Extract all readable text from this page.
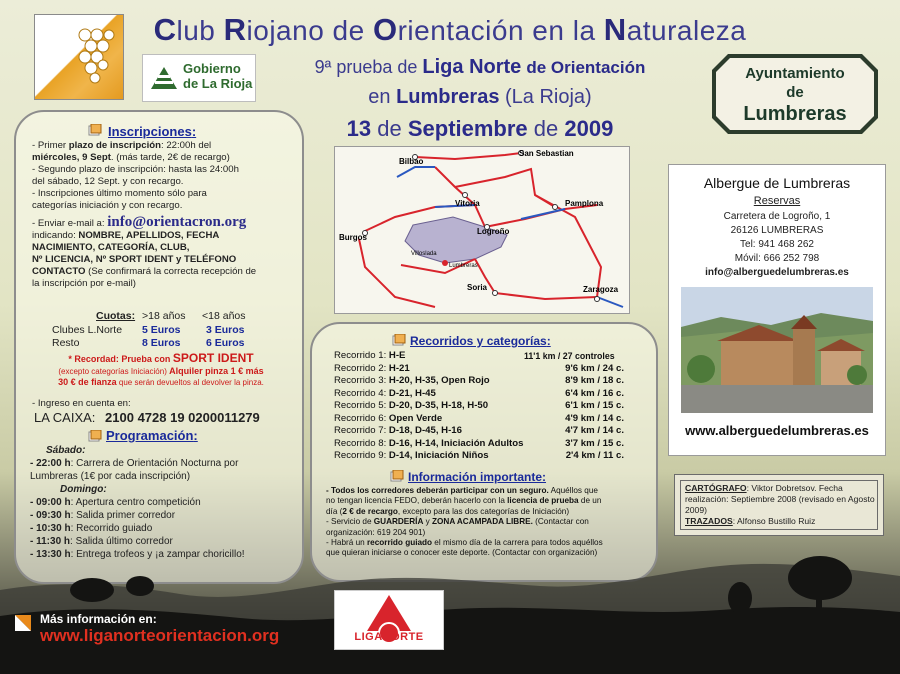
Gobierno de La Rioja
Club Riojano de Orientación en la Naturaleza
9ª prueba de Liga Norte de Orientación
en Lumbreras (La Rioja)
13 de Septiembre de 2009
Ayuntamiento
de
Lumbreras
Inscripciones:
- Primer plazo de inscripción: 22:00h del
miércoles, 9 Sept. (más tarde, 2€ de recargo)
- Segundo plazo de inscripción: hasta las 24:00h
del sábado, 12 Sept. y con recargo.
- Inscripciones último momento sólo para
categorías iniciación y con recargo.
- Enviar e-mail a: info@orientacron.org
indicando: NOMBRE, APELLIDOS, FECHA
NACIMIENTO, CATEGORÍA, CLUB,
Nº LICENCIA, Nº SPORT IDENT y TELÉFONO
CONTACTO (Se confirmará la correcta recepción de
la inscripción por e-mail)
Cuotas: >18 años <18 años
Clubes L.Norte 5 Euros 3 Euros
Resto	8 Euros 6 Euros
* Recordad: Prueba con SPORT IDENT
(excepto categorías Iniciación) Alquiler pinza 1 € más
30 € de fianza que serán devueltos al devolver la pinza.
- Ingreso en cuenta en:
LA CAIXA: 2100 4728 19 0200011279
Programación:
Sábado:
- 22:00 h: Carrera de Orientación Nocturna por
Lumbreras (1€ por cada inscripción)
Domingo:
- 09:00 h: Apertura centro competición
- 09:30 h: Salida primer corredor
- 10:30 h: Recorrido guiado
- 11:30 h: Salida último corredor
- 13:30 h: Entrega trofeos y ¡a zampar choricillo!
San Sebastian
Bilbao
Vitoria	Pamplona
Logroño
Burgos
Soria	Zaragoza
Villoslada
Lumbreras
Recorridos y categorías:
Recorrido 1: H-E	11'1 km / 27 controles
Recorrido 2: H-21	9'6 km / 24 c.
Recorrido 3: H-20, H-35, Open Rojo	8'9 km / 18 c.
Recorrido 4: D-21, H-45	6'4 km / 16 c.
Recorrido 5: D-20, D-35, H-18, H-50	6'1 km / 15 c.
Recorrido 6: Open Verde	4'9 km / 14 c.
Recorrido 7: D-18, D-45, H-16	4'7 km / 14 c.
Recorrido 8: D-16, H-14, Iniciación Adultos	3'7 km / 15 c.
Recorrido 9: D-14, Iniciación Niños	2'4 km / 11 c.
Información importante:
- Todos los corredores deberán participar con un seguro. Aquéllos que
no tengan licencia FEDO, deberán hacerlo con la licencia de prueba de un
día (2 € de recargo, excepto para las dos categorías de Iniciación)
- Servicio de GUARDERÍA y ZONA ACAMPADA LIBRE. (Contactar con
organización: 619 204 901)
- Habrá un recorrido guiado el mismo día de la carrera para todos aquéllos
que quieran iniciarse o conocer este deporte. (Contactar con organización)
Albergue de Lumbreras
Reservas
Carretera de Logroño, 1
26126 LUMBRERAS
Tel: 941 468 262
Móvil: 666 252 798
info@alberguedelumbreras.es
www.alberguedelumbreras.es
CARTÓGRAFO: Viktor Dobretsov. Fecha realización: Septiembre 2008 (revisado en Agosto 2009)
TRAZADOS: Alfonso Bustillo Ruiz
Más información en:
www.liganorteorientacion.org	LIGANORTE
